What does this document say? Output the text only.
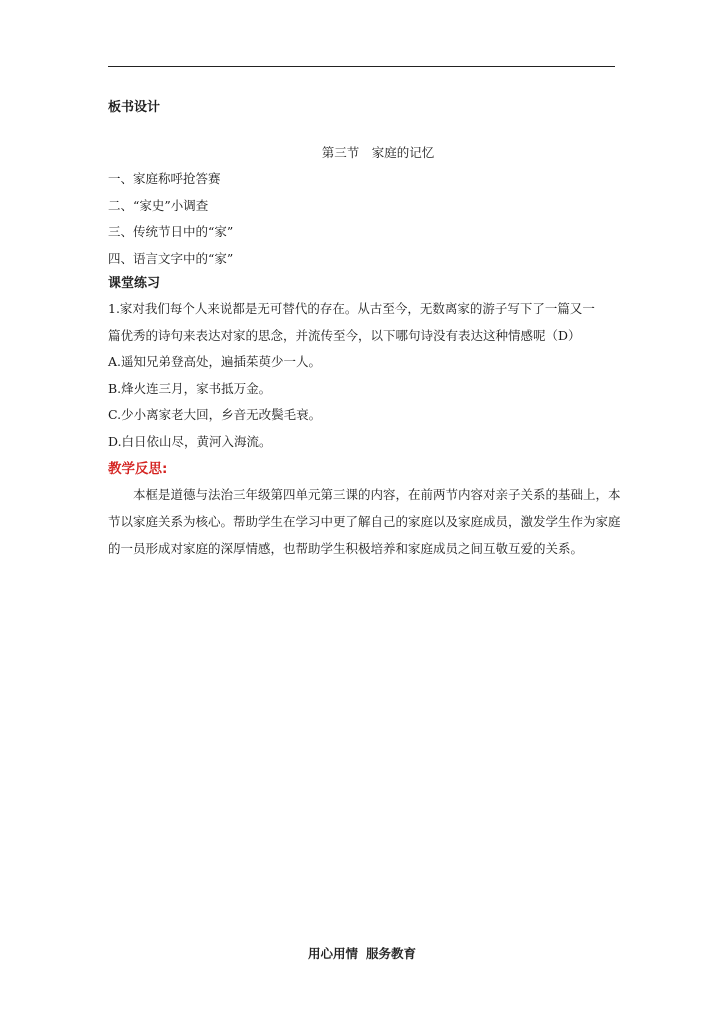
板书设计

第三节　家庭的记忆

一、家庭称呼抢答赛

二、“家史”小调查

三、传统节日中的“家”

四、语言文字中的“家”

课堂练习

1.家对我们每个人来说都是无可替代的存在。从古至今，无数离家的游子写下了一篇又一

篇优秀的诗句来表达对家的思念，并流传至今，以下哪句诗没有表达这种情感呢（D）

A.遥知兄弟登高处，遍插茱萸少一人。

B.烽火连三月，家书抵万金。

C.少小离家老大回，乡音无改鬓毛衰。

D.白日依山尽，黄河入海流。

教学反思:

本框是道德与法治三年级第四单元第三课的内容，在前两节内容对亲子关系的基础上，本节以家庭关系为核心。帮助学生在学习中更了解自己的家庭以及家庭成员，激发学生作为家庭的一员形成对家庭的深厚情感，也帮助学生积极培养和家庭成员之间互敬互爱的关系。

用心用情 服务教育
